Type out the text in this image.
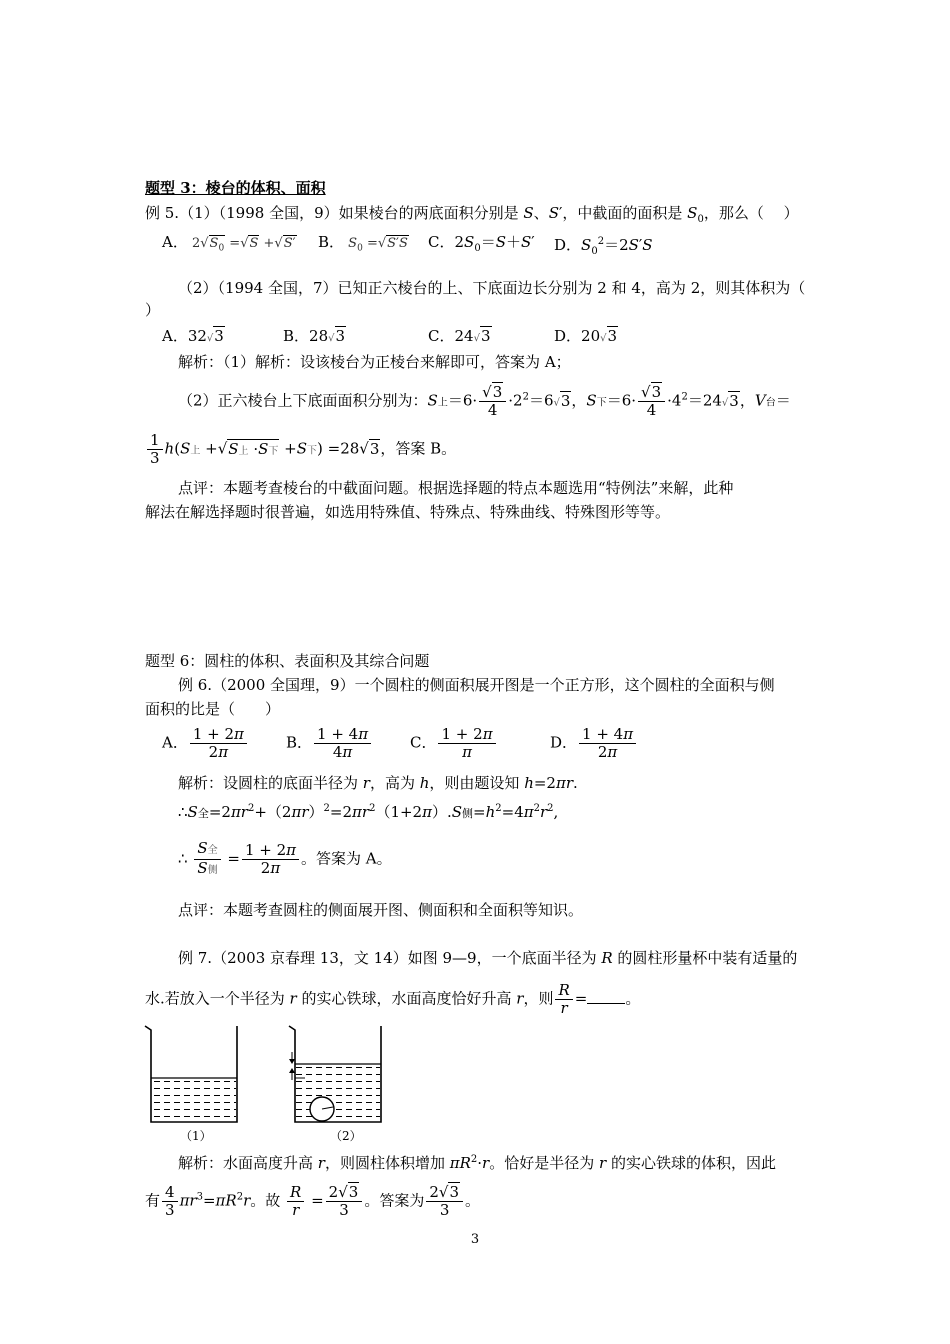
题型 3：棱台的体积、面积
例 5.（1）（1998 全国，9）如果棱台的两底面积分别是 S、S′，中截面的面积是 $S_0$，那么（　 ）
A． $2√S_0 =√S +√S'$ B． $S_0 =√S'S$ C．$2S_0=S+S'$ D．$S_0^2=2S'S$
（2）（1994 全国，7）已知正六棱台的上、下底面边长分别为 2 和 4，高为 2，则其体积为（
）
A．32√3	B．28√3	C．24√3	D．20√3
解析：（1）解析：设该棱台为正棱台来解即可，答案为 A；
（2）正六棱台上下底面面积分别为：S上$=6\cdot \frac{√3}{4} \cdot 2^2=6√3$，S下$=6\cdot \frac{√3}{4} \cdot 4^2=24√3$，V台＝
$\frac{1}{3} h(S$上 +√S上 ·S下 +S下) =28√3，答案 B。
点评：本题考查棱台的中截面问题。根据选择题的特点本题选用“特例法”来解，此种
解法在解选择题时很普遍，如选用特殊值、特殊点、特殊曲线、特殊图形等等。
题型 6：圆柱的体积、表面积及其综合问题
例 6.（2000 全国理，9）一个圆柱的侧面积展开图是一个正方形，这个圆柱的全面积与侧
面积的比是（　　）
A． $\frac{1 + 2\pi}{2\pi}$	B． $\frac{1 + 4\pi}{4\pi}$	C． $\frac{1 + 2\pi}{\pi}$	D． $\frac{1 + 4\pi}{2\pi}$
解析：设圆柱的底面半径为 r，高为 h，则由题设知 h=2πr.
∴S全$=2\pi r^2+(2\pi r)^2=2\pi r^2(1+2\pi).S$侧$=h^2=4\pi^2r^2$,
∴ $\frac{\text{S全}}{\text{S侧}} = \frac{1 + 2\pi}{2\pi}$ 。答案为 A。
点评：本题考查圆柱的侧面展开图、侧面积和全面积等知识。
例 7.（2003 京春理 13，文 14）如图 9—9，一个底面半径为 R 的圆柱形量杯中装有适量的
水.若放入一个半径为 r 的实心铁球，水面高度恰好升高 r，则 $\frac{R}{r}$ =	。
（1）	（2）
解析：水面高度升高 r，则圆柱体积增加 $\pi R^2\cdot r$。恰好是半径为 r 的实心铁球的体积，因此
有 $\frac{4}{3} \pi r^3=\pi R^2r$。故 $\frac{R}{r} = \frac{2√3}{3}$ 。答案为 $\frac{2√3}{3}$ 。
3
